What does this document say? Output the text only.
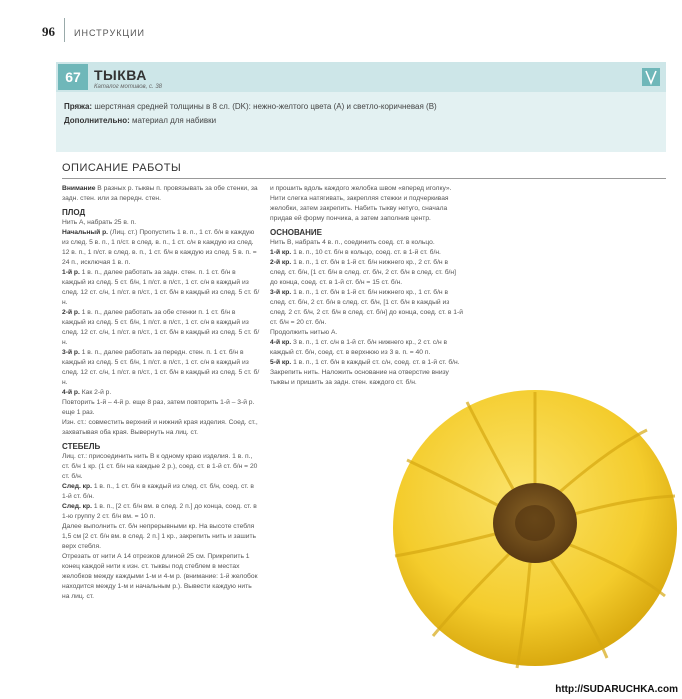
96 ИНСТРУКЦИИ
67 ТЫКВА
Каталог мотивов, с. 38
Пряжа: шерстяная средней толщины в 8 сл. (DK): нежно-желтого цвета (A) и светло-коричневая (B)
Дополнительно: материал для набивки
ОПИСАНИЕ РАБОТЫ

Внимание В разных р. тыквы п. провязывать за обе стенки, за задн. стен. или за передн. стен.

ПЛОД

Нить А, набрать 25 в. п.

Начальный р. (Лиц. ст.) Пропустить 1 в. п., 1 ст. б/н в каждую из след. 5 в. п., 1 п/ст. в след. в. п., 1 ст. с/н в каждую из след. 12 в. п., 1 п/ст. в след. в. п., 1 ст. б/н в каждую из след. 5 в. п. = 24 п., исключая 1 в. п.

1-й р. 1 в. п., далее работать за задн. стен. п. 1 ст. б/н в каждый из след. 5 ст. б/н, 1 п/ст. в п/ст., 1 ст. с/н в каждый из след. 12 ст. с/н, 1 п/ст. в п/ст., 1 ст. б/н в каждый из след. 5 ст. б/н.

2-й р. 1 в. п., далее работать за обе стенки п. 1 ст. б/н в каждый из след. 5 ст. б/н, 1 п/ст. в п/ст., 1 ст. с/н в каждый из след. 12 ст. с/н, 1 п/ст. в п/ст., 1 ст. б/н в каждый из след. 5 ст. б/н.

3-й р. 1 в. п., далее работать за передн. стен. п. 1 ст. б/н в каждый из след. 5 ст. б/н, 1 п/ст. в п/ст., 1 ст. с/н в каждый из след. 12 ст. с/н, 1 п/ст. в п/ст., 1 ст. б/н в каждый из след. 5 ст. б/н.

4-й р. Как 2-й р.

Повторить 1-й – 4-й р. еще 8 раз, затем повторить 1-й – 3-й р. еще 1 раз.

Изн. ст.: совместить верхний и нижний края изделия. Соед. ст., захватывая оба края. Вывернуть на лиц. ст.

СТЕБЕЛЬ

Лиц. ст.: присоединить нить В к одному краю изделия. 1 в. п., ст. б/н 1 кр. (1 ст. б/н на каждые 2 р.), соед. ст. в 1-й ст. б/н = 20 ст. б/н.

След. кр. 1 в. п., 1 ст. б/н в каждый из след. ст. б/н, соед. ст. в 1-й ст. б/н.

След. кр. 1 в. п., [2 ст. б/н вм. в след. 2 п.] до конца, соед. ст. в 1-ю группу 2 ст. б/н вм. = 10 п.

Далее выполнить ст. б/н непрерывными кр. На высоте стебля 1,5 см [2 ст. б/н вм. в след. 2 п.] 1 кр., закрепить нить и зашить верх стебля.

Отрезать от нити А 14 отрезков длиной 25 см. Прикрепить 1 конец каждой нити к изн. ст. тыквы под стеблем в местах желобков между каждыми 1-м и 4-м р. (внимание: 1-й желобок находится между 1-м и начальным р.). Вывести каждую нить на лиц. ст.

и прошить вдоль каждого желобка швом «вперед иголку». Нити слегка натягивать, закрепляя стежки и подчеркивая желобки, затем закрепить. Набить тыкву нетуго, сначала придав ей форму пончика, а затем заполнив центр.

ОСНОВАНИЕ

Нить В, набрать 4 в. п., соединить соед. ст. в кольцо.

1-й кр. 1 в. п., 10 ст. б/н в кольцо, соед. ст. в 1-й ст. б/н.

2-й кр. 1 в. п., 1 ст. б/н в 1-й ст. б/н нижнего кр., 2 ст. б/н в след. ст. б/н, [1 ст. б/н в след. ст. б/н, 2 ст. б/н в след. ст. б/н] до конца, соед. ст. в 1-й ст. б/н = 15 ст. б/н.

3-й кр. 1 в. п., 1 ст. б/н в 1-й ст. б/н нижнего кр., 1 ст. б/н в след. ст. б/н, 2 ст. б/н в след. ст. б/н, [1 ст. б/н в каждый из след. 2 ст. б/н, 2 ст. б/н в след. ст. б/н] до конца, соед. ст. в 1-й ст. б/н = 20 ст. б/н.

Продолжить нитью А.

4-й кр. 3 в. п., 1 ст. с/н в 1-й ст. б/н нижнего кр., 2 ст. с/н в каждый ст. б/н, соед. ст. в верхнюю из 3 в. п. = 40 п.

5-й кр. 1 в. п., 1 ст. б/н в каждый ст. с/н, соед. ст. в 1-й ст. б/н. Закрепить нить. Наложить основание на отверстие внизу тыквы и пришить за задн. стен. каждого ст. б/н.

http://SUDARUCHKA.com
